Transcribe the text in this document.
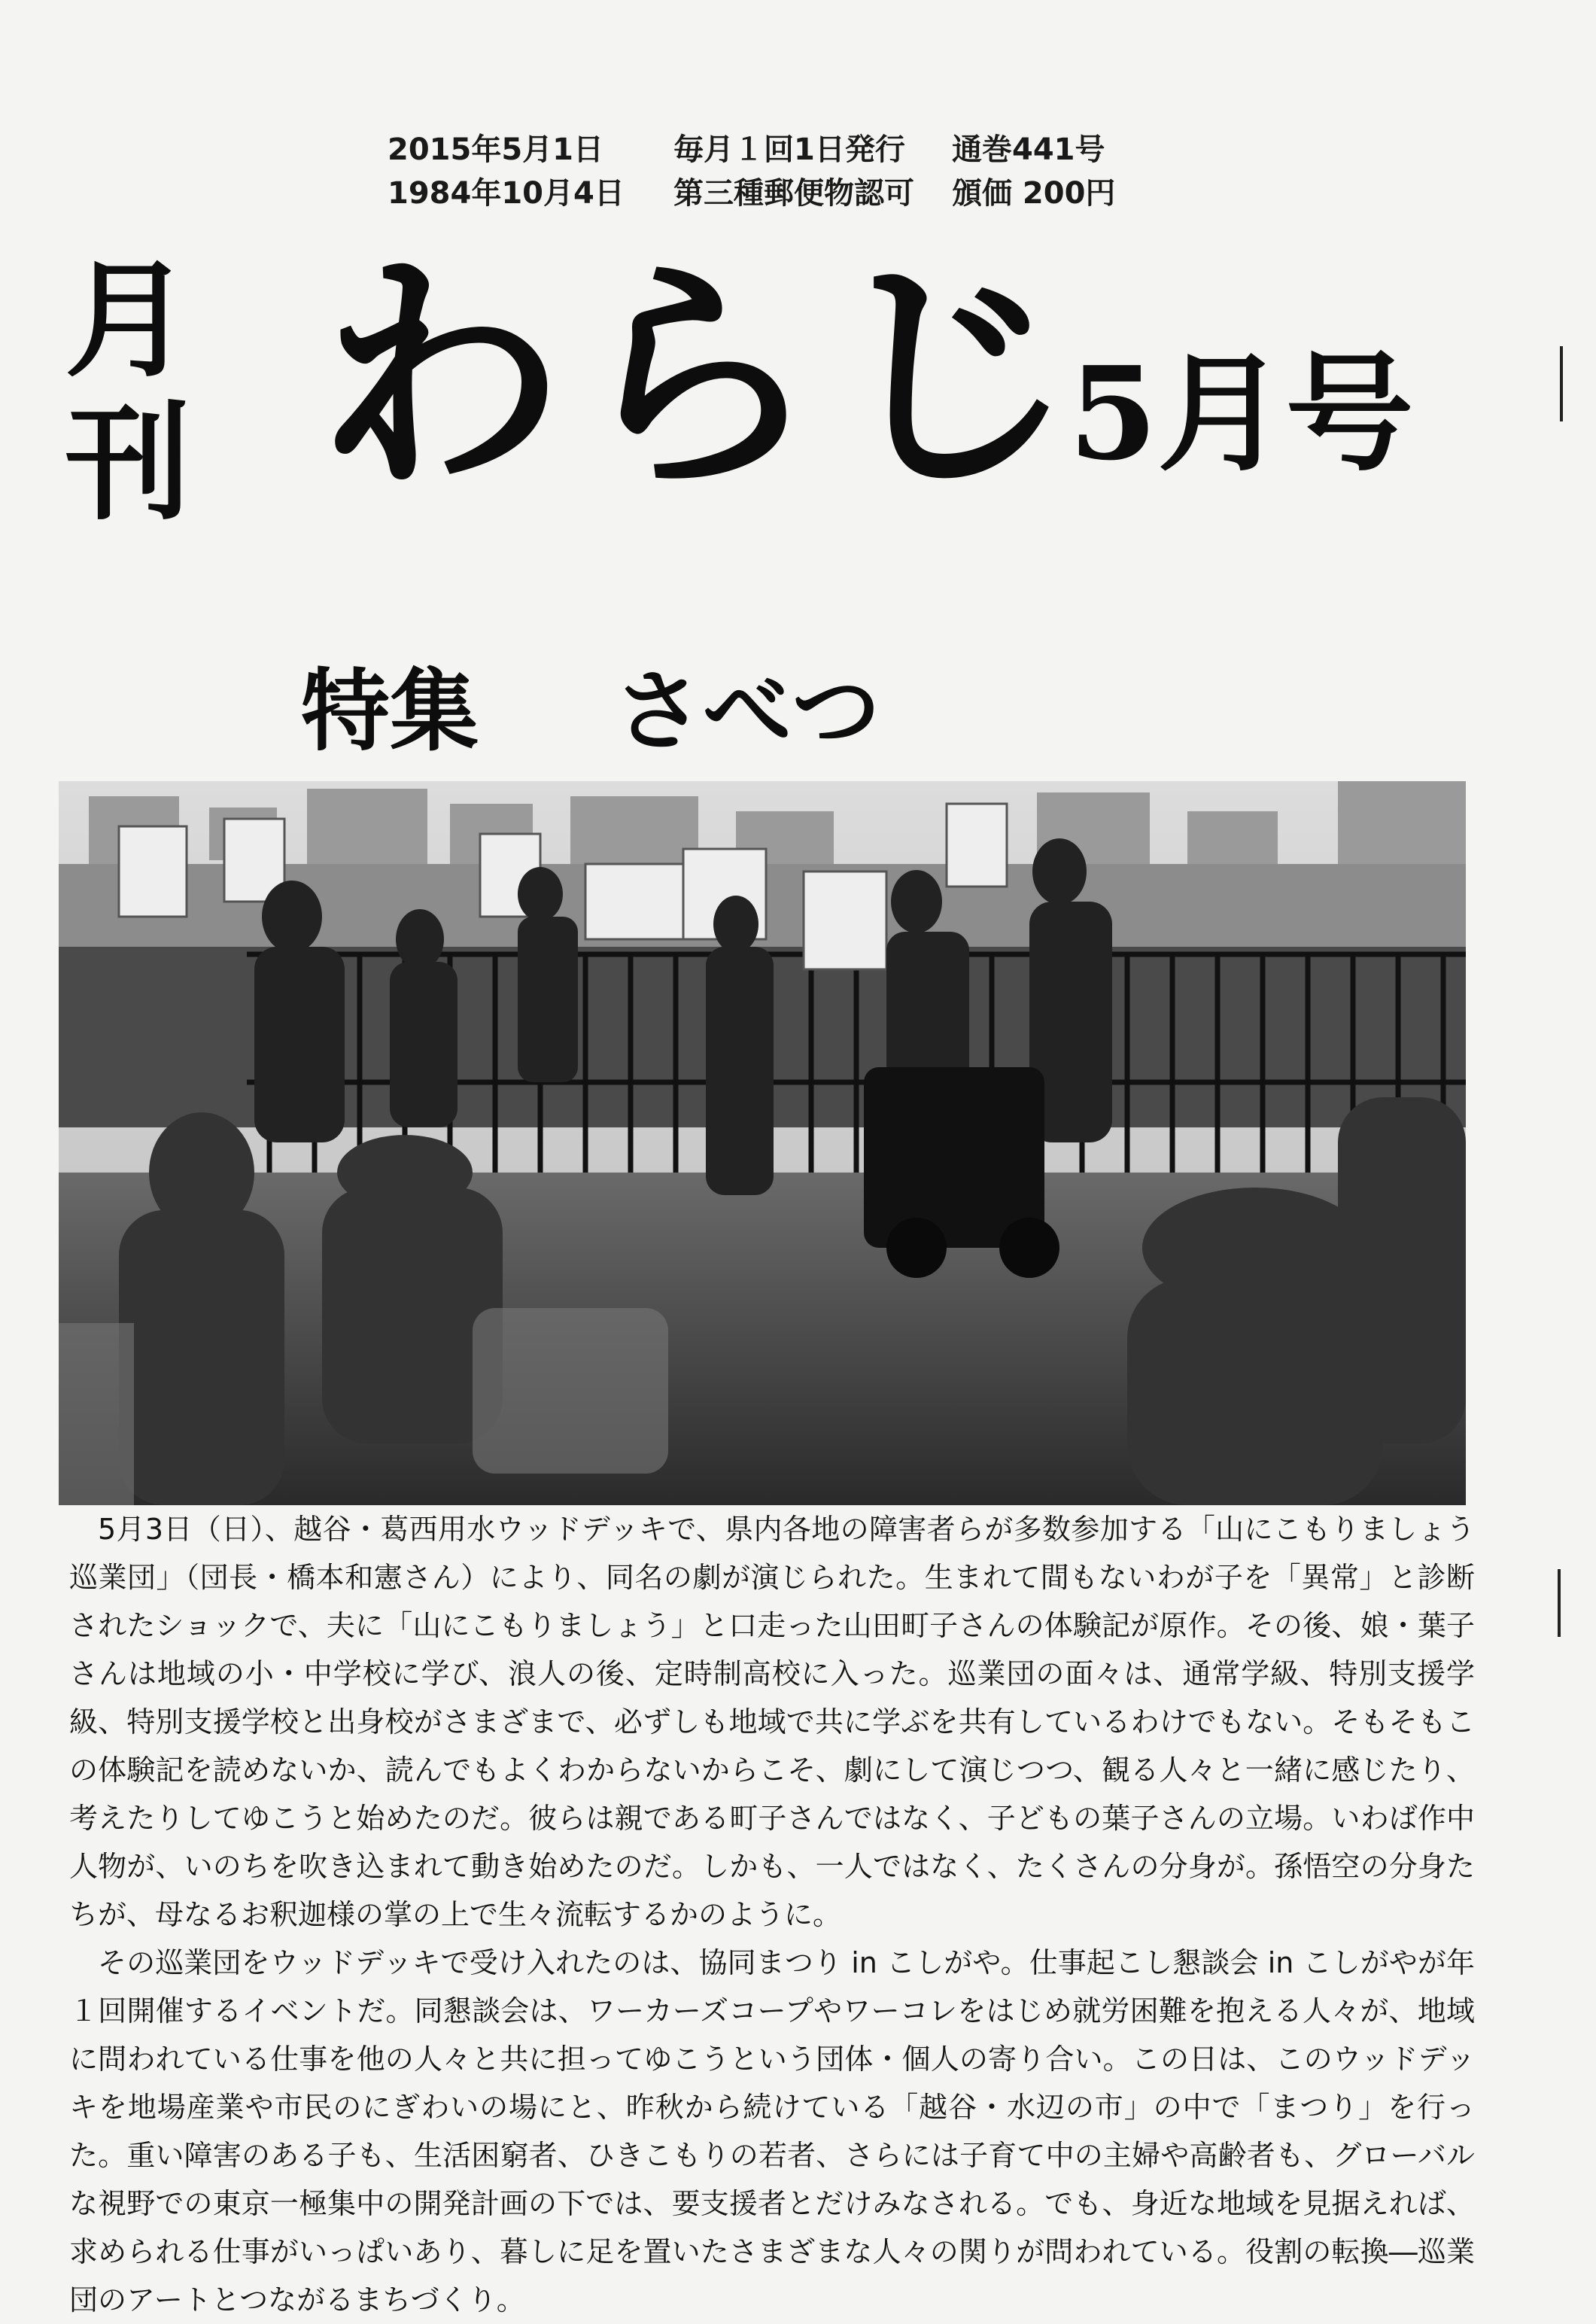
2015年5月1日	毎月１回1日発行	通巻441号
1984年10月4日	第三種郵便物認可	頒価 200円
月
刊 わらじ
5月号
特集 さべつ

5月3日（日）、越谷・葛西用水ウッドデッキで、県内各地の障害者らが多数参加する「山にこもりましょう巡業団」（団長・橋本和憲さん）により、同名の劇が演じられた。生まれて間もないわが子を「異常」と診断されたショックで、夫に「山にこもりましょう」と口走った山田町子さんの体験記が原作。その後、娘・葉子さんは地域の小・中学校に学び、浪人の後、定時制高校に入った。巡業団の面々は、通常学級、特別支援学級、特別支援学校と出身校がさまざまで、必ずしも地域で共に学ぶを共有しているわけでもない。そもそもこの体験記を読めないか、読んでもよくわからないからこそ、劇にして演じつつ、観る人々と一緒に感じたり、考えたりしてゆこうと始めたのだ。彼らは親である町子さんではなく、子どもの葉子さんの立場。いわば作中人物が、いのちを吹き込まれて動き始めたのだ。しかも、一人ではなく、たくさんの分身が。孫悟空の分身たちが、母なるお釈迦様の掌の上で生々流転するかのように。

その巡業団をウッドデッキで受け入れたのは、協同まつり in こしがや。仕事起こし懇談会 in こしがやが年１回開催するイベントだ。同懇談会は、ワーカーズコープやワーコレをはじめ就労困難を抱える人々が、地域に問われている仕事を他の人々と共に担ってゆこうという団体・個人の寄り合い。この日は、このウッドデッキを地場産業や市民のにぎわいの場にと、昨秋から続けている「越谷・水辺の市」の中で「まつり」を行った。重い障害のある子も、生活困窮者、ひきこもりの若者、さらには子育て中の主婦や高齢者も、グローバルな視野での東京一極集中の開発計画の下では、要支援者とだけみなされる。でも、身近な地域を見据えれば、求められる仕事がいっぱいあり、暮しに足を置いたさまざまな人々の関りが問われている。役割の転換―巡業団のアートとつながるまちづくり。
